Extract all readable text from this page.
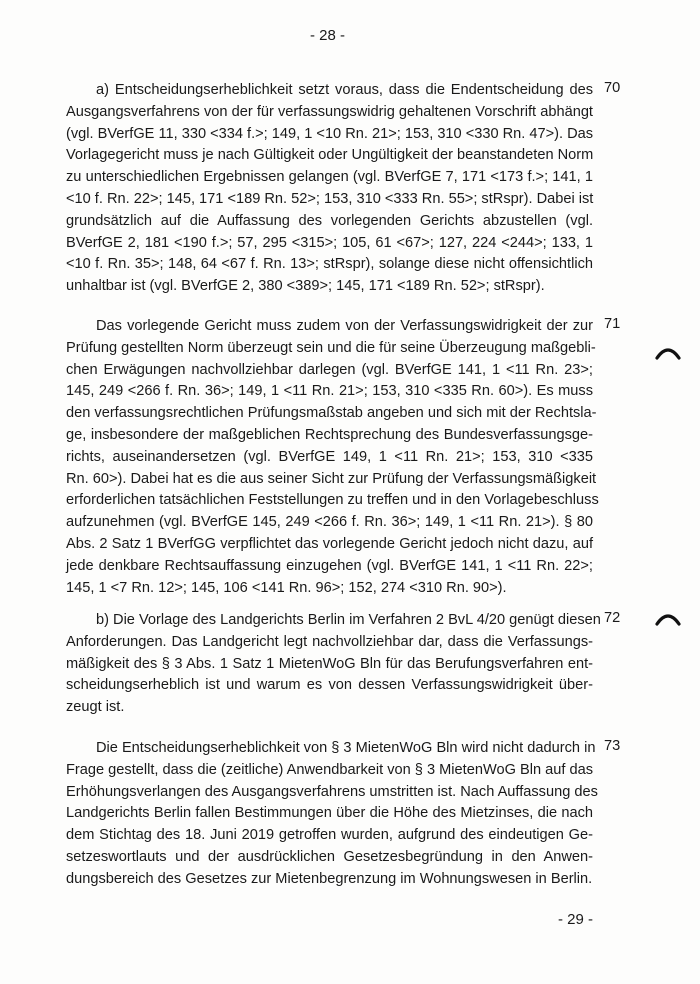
- 28 -
a) Entscheidungserheblichkeit setzt voraus, dass die Endentscheidung des
Ausgangsverfahrens von der für verfassungswidrig gehaltenen Vorschrift abhängt
(vgl. BVerfGE 11, 330 <334 f.>; 149, 1 <10 Rn. 21>; 153, 310 <330 Rn. 47>). Das
Vorlagegericht muss je nach Gültigkeit oder Ungültigkeit der beanstandeten Norm
zu unterschiedlichen Ergebnissen gelangen (vgl. BVerfGE 7, 171 <173 f.>; 141, 1
<10 f. Rn. 22>; 145, 171 <189 Rn. 52>; 153, 310 <333 Rn. 55>; stRspr). Dabei ist
grundsätzlich auf die Auffassung des vorlegenden Gerichts abzustellen (vgl.
BVerfGE 2, 181 <190 f.>; 57, 295 <315>; 105, 61 <67>; 127, 224 <244>; 133, 1
<10 f. Rn. 35>; 148, 64 <67 f. Rn. 13>; stRspr), solange diese nicht offensichtlich
unhaltbar ist (vgl. BVerfGE 2, 380 <389>; 145, 171 <189 Rn. 52>; stRspr).
70
Das vorlegende Gericht muss zudem von der Verfassungswidrigkeit der zur
Prüfung gestellten Norm überzeugt sein und die für seine Überzeugung maßgebli-
chen Erwägungen nachvollziehbar darlegen (vgl. BVerfGE 141, 1 <11 Rn. 23>;
145, 249 <266 f. Rn. 36>; 149, 1 <11 Rn. 21>; 153, 310 <335 Rn. 60>). Es muss
den verfassungsrechtlichen Prüfungsmaßstab angeben und sich mit der Rechtsla-
ge, insbesondere der maßgeblichen Rechtsprechung des Bundesverfassungsge-
richts, auseinandersetzen (vgl. BVerfGE 149, 1 <11 Rn. 21>; 153, 310 <335
Rn. 60>). Dabei hat es die aus seiner Sicht zur Prüfung der Verfassungsmäßigkeit
erforderlichen tatsächlichen Feststellungen zu treffen und in den Vorlagebeschluss
aufzunehmen (vgl. BVerfGE 145, 249 <266 f. Rn. 36>; 149, 1 <11 Rn. 21>). § 80
Abs. 2 Satz 1 BVerfGG verpflichtet das vorlegende Gericht jedoch nicht dazu, auf
jede denkbare Rechtsauffassung einzugehen (vgl. BVerfGE 141, 1 <11 Rn. 22>;
145, 1 <7 Rn. 12>; 145, 106 <141 Rn. 96>; 152, 274 <310 Rn. 90>).
71
b) Die Vorlage des Landgerichts Berlin im Verfahren 2 BvL 4/20 genügt diesen
Anforderungen. Das Landgericht legt nachvollziehbar dar, dass die Verfassungs-
mäßigkeit des § 3 Abs. 1 Satz 1 MietenWoG Bln für das Berufungsverfahren ent-
scheidungserheblich ist und warum es von dessen Verfassungswidrigkeit über-
zeugt ist.
72
Die Entscheidungserheblichkeit von § 3 MietenWoG Bln wird nicht dadurch in
Frage gestellt, dass die (zeitliche) Anwendbarkeit von § 3 MietenWoG Bln auf das
Erhöhungsverlangen des Ausgangsverfahrens umstritten ist. Nach Auffassung des
Landgerichts Berlin fallen Bestimmungen über die Höhe des Mietzinses, die nach
dem Stichtag des 18. Juni 2019 getroffen wurden, aufgrund des eindeutigen Ge-
setzeswortlauts und der ausdrücklichen Gesetzesbegründung in den Anwen-
dungsbereich des Gesetzes zur Mietenbegrenzung im Wohnungswesen in Berlin.
73
- 29 -
